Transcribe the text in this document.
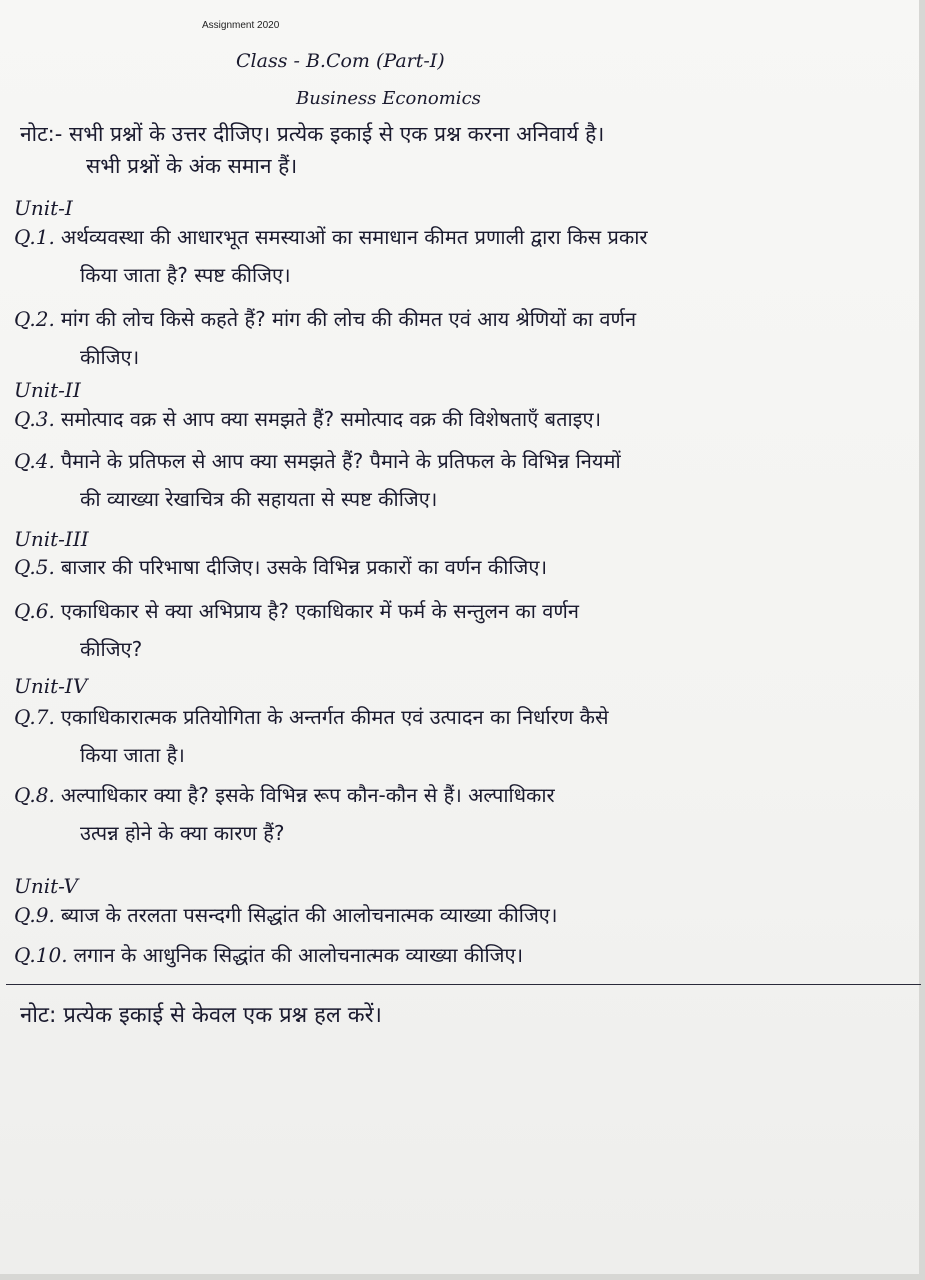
Assignment 2020
Class - B.Com (Part-I)
Business Economics
नोट:- सभी प्रश्नों के उत्तर दीजिए। प्रत्येक इकाई से एक प्रश्न करना अनिवार्य है।
सभी प्रश्नों के अंक समान हैं।
Unit-I
Q.1. अर्थव्यवस्था की आधारभूत समस्याओं का समाधान कीमत प्रणाली द्वारा किस प्रकार
किया जाता है? स्पष्ट कीजिए।
Q.2. मांग की लोच किसे कहते हैं? मांग की लोच की कीमत एवं आय श्रेणियों का वर्णन
कीजिए।
Unit-II
Q.3. समोत्पाद वक्र से आप क्या समझते हैं? समोत्पाद वक्र की विशेषताएँ बताइए।
Q.4. पैमाने के प्रतिफल से आप क्या समझते हैं? पैमाने के प्रतिफल के विभिन्न नियमों
की व्याख्या रेखाचित्र की सहायता से स्पष्ट कीजिए।
Unit-III
Q.5. बाजार की परिभाषा दीजिए। उसके विभिन्न प्रकारों का वर्णन कीजिए।
Q.6. एकाधिकार से क्या अभिप्राय है? एकाधिकार में फर्म के सन्तुलन का वर्णन
कीजिए?
Unit-IV
Q.7. एकाधिकारात्मक प्रतियोगिता के अन्तर्गत कीमत एवं उत्पादन का निर्धारण कैसे
किया जाता है।
Q.8. अल्पाधिकार क्या है? इसके विभिन्न रूप कौन-कौन से हैं। अल्पाधिकार
उत्पन्न होने के क्या कारण हैं?
Unit-V
Q.9. ब्याज के तरलता पसन्दगी सिद्धांत की आलोचनात्मक व्याख्या कीजिए।
Q.10. लगान के आधुनिक सिद्धांत की आलोचनात्मक व्याख्या कीजिए।
नोट: प्रत्येक इकाई से केवल एक प्रश्न हल करें।
